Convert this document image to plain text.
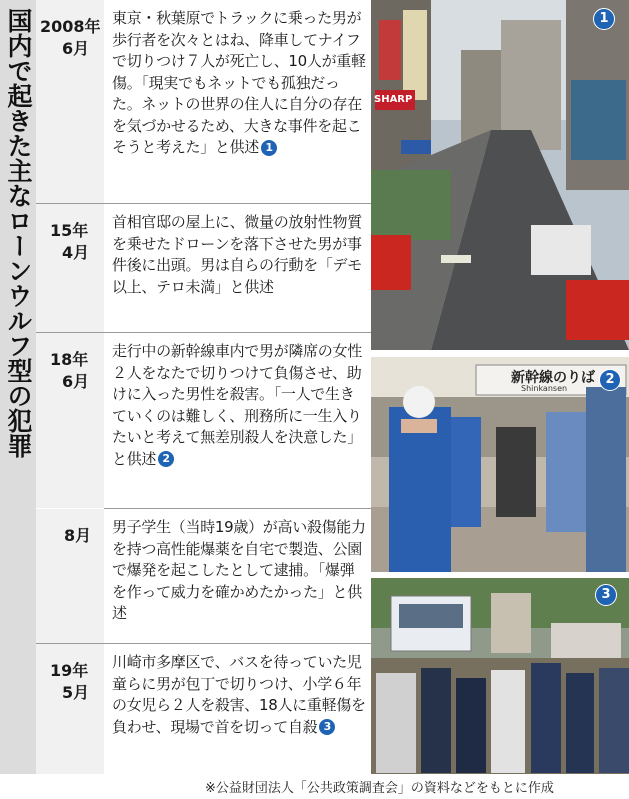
国内で起きた主なローンウルフ型の犯罪 2008年
6月
東京・秋葉原でトラックに乗った男が歩行者を次々とはね、降車してナイフで切りつけ７人が死亡し、10人が重軽傷。「現実でもネットでも孤独だった。ネットの世界の住人に自分の存在を気づかせるため、大きな事件を起こそうと考えた」と供述 1
15年
4月
首相官邸の屋上に、微量の放射性物質を乗せたドローンを落下させた男が事件後に出頭。男は自らの行動を「デモ以上、テロ未満」と供述
18年
6月
走行中の新幹線車内で男が隣席の女性２人をなたで切りつけて負傷させ、助けに入った男性を殺害。「一人で生きていくのは難しく、刑務所に一生入りたいと考えて無差別殺人を決意した」と供述 2
8月 男子学生（当時19歳）が高い殺傷能力を持つ高性能爆薬を自宅で製造、公園で爆発を起こしたとして逮捕。「爆弾を作って威力を確かめたかった」と供述
19年
5月
川崎市多摩区で、バスを待っていた児童らに男が包丁で切りつけ、小学６年の女児ら２人を殺害、18人に重軽傷を負わせ、現場で首を切って自殺 3
1
SHARP
2
新幹線のりば
Shinkansen
3
※公益財団法人「公共政策調査会」の資料などをもとに作成
